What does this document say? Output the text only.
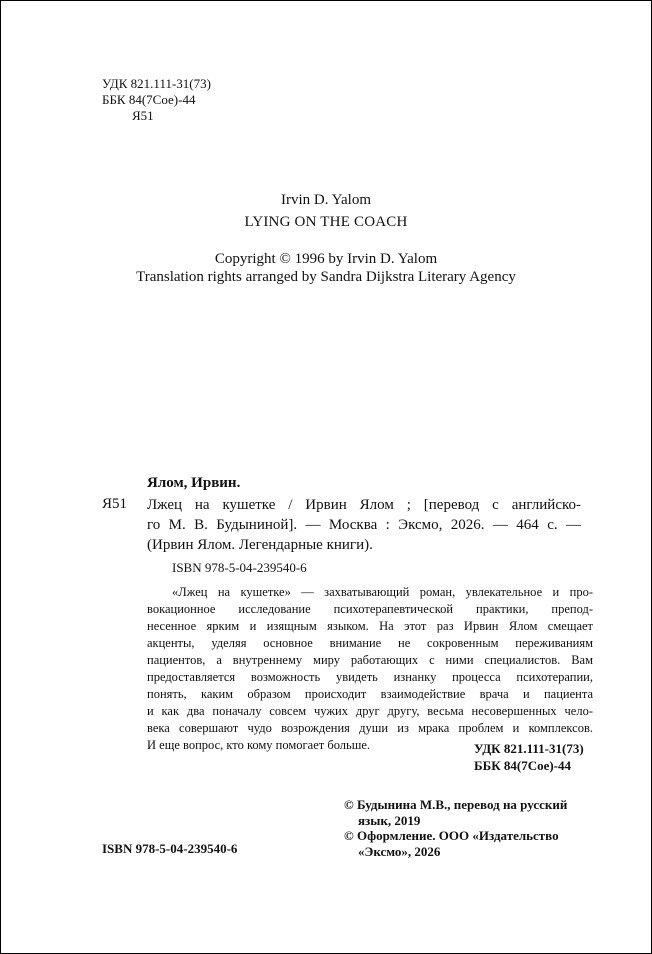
УДК 821.111-31(73)
ББК 84(7Сое)-44
Я51
Irvin D. Yalom
LYING ON THE COACH
Copyright © 1996 by Irvin D. Yalom
Translation rights arranged by Sandra Dijkstra Literary Agency
Ялом, Ирвин.
Я51 Лжец на кушетке / Ирвин Ялом ; [перевод с английско-
го М. В. Будыниной]. — Москва : Эксмо, 2026. — 464 с. —
(Ирвин Ялом. Легендарные книги).
ISBN 978-5-04-239540-6
«Лжец на кушетке» — захватывающий роман, увлекательное и про-
вокационное исследование психотерапевтической практики, препод-
несенное ярким и изящным языком. На этот раз Ирвин Ялом смещает
акценты, уделяя основное внимание не сокровенным переживаниям
пациентов, а внутреннему миру работающих с ними специалистов. Вам
предоставляется возможность увидеть изнанку процесса психотерапии,
понять, каким образом происходит взаимодействие врача и пациента
и как два поначалу совсем чужих друг другу, весьма несовершенных чело-
века совершают чудо возрождения души из мрака проблем и комплексов.
И еще вопрос, кто кому помогает больше.	УДК 821.111-31(73)
ББК 84(7Сое)-44
© Будынина М.В., перевод на русский
язык, 2019
© Оформление. ООО «Издательство
«Эксмо», 2026
ISBN 978-5-04-239540-6
